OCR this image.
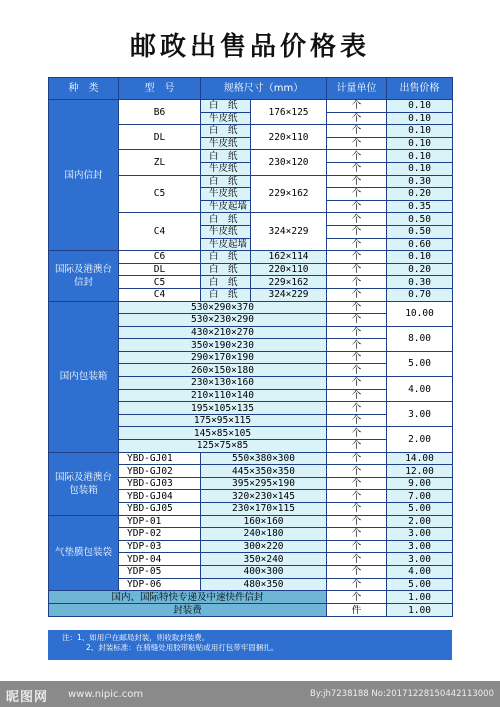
邮政出售品价格表
种　类	型　号	规格尺寸（mm）		计量单位	出售价格
国内信封	B6	白　纸	176×125	个	0.10
		牛皮纸		个	0.10
	DL	白　纸	220×110	个	0.10
		牛皮纸		个	0.10
	ZL	白　纸	230×120	个	0.10
		牛皮纸		个	0.10
	C5	白　纸	229×162	个	0.30
		牛皮纸		个	0.20
		牛皮起墙		个	0.35
	C4	白　纸	324×229	个	0.50
		牛皮纸		个	0.50
		牛皮起墙		个	0.60
国际及港澳台信封	C6	白　纸	162×114	个	0.10
	DL	白　纸	220×110	个	0.20
	C5	白　纸	229×162	个	0.30
	C4	白　纸	324×229	个	0.70
国内包装箱	530×290×370			个	10.00
	530×230×290			个	
	430×210×270			个	8.00
	350×190×230			个	
	290×170×190			个	5.00
	260×150×180			个	
	230×130×160			个	4.00
	210×110×140			个	
	195×105×135			个	3.00
	175×95×115			个	
	145×85×105			个	2.00
	125×75×85			个	
国际及港澳台包装箱	YBD-GJ01	550×380×300		个	14.00
	YBD-GJ02	445×350×350		个	12.00
	YBD-GJ03	395×295×190		个	9.00
	YBD-GJ04	320×230×145		个	7.00
	YBD-GJ05	230×170×115		个	5.00
气垫膜包装袋	YDP-01	160×160		个	2.00
	YDP-02	240×180		个	3.00
	YDP-03	300×220		个	3.00
	YDP-04	350×240		个	3.00
	YDP-05	400×300		个	4.00
	YDP-06	480×350		个	5.00
国内、国际特快专递及中速快件信封				个	1.00
封装费				件	1.00
注：1、如用户在邮局封装，则收取封装费。
2、封装标准：在骑缝处用胶带粘贴或用打包带牢固捆扎。
昵图网 www.nipic.com	By:jh7238188 No:20171228150442113000
